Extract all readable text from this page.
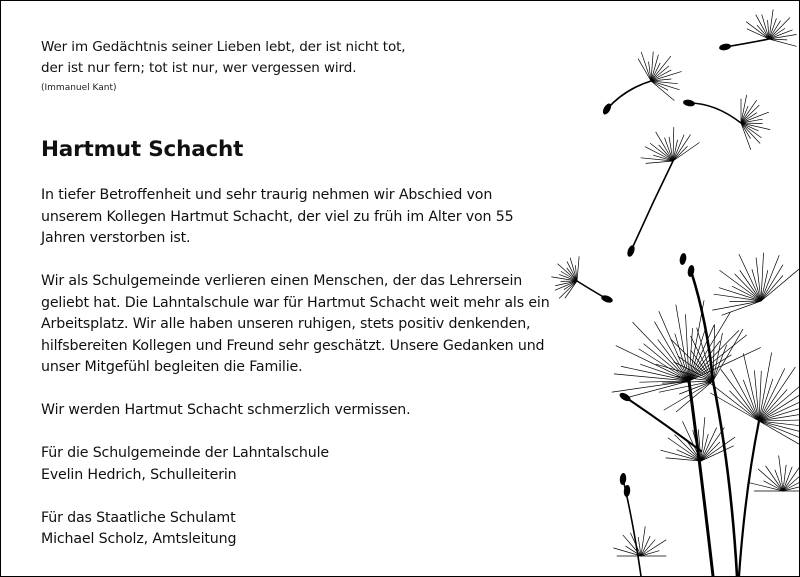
Wer im Gedächtnis seiner Lieben lebt, der ist nicht tot,
der ist nur fern; tot ist nur, wer vergessen wird.
(Immanuel Kant)
Hartmut Schacht

In tiefer Betroffenheit und sehr traurig nehmen wir Abschied von
unserem Kollegen Hartmut Schacht, der viel zu früh im Alter von 55
Jahren verstorben ist.

Wir als Schulgemeinde verlieren einen Menschen, der das Lehrersein
geliebt hat. Die Lahntalschule war für Hartmut Schacht weit mehr als ein
Arbeitsplatz. Wir alle haben unseren ruhigen, stets positiv denkenden,
hilfsbereiten Kollegen und Freund sehr geschätzt. Unsere Gedanken und
unser Mitgefühl begleiten die Familie.

Wir werden Hartmut Schacht schmerzlich vermissen.

Für die Schulgemeinde der Lahntalschule
Evelin Hedrich, Schulleiterin

Für das Staatliche Schulamt
Michael Scholz, Amtsleitung
